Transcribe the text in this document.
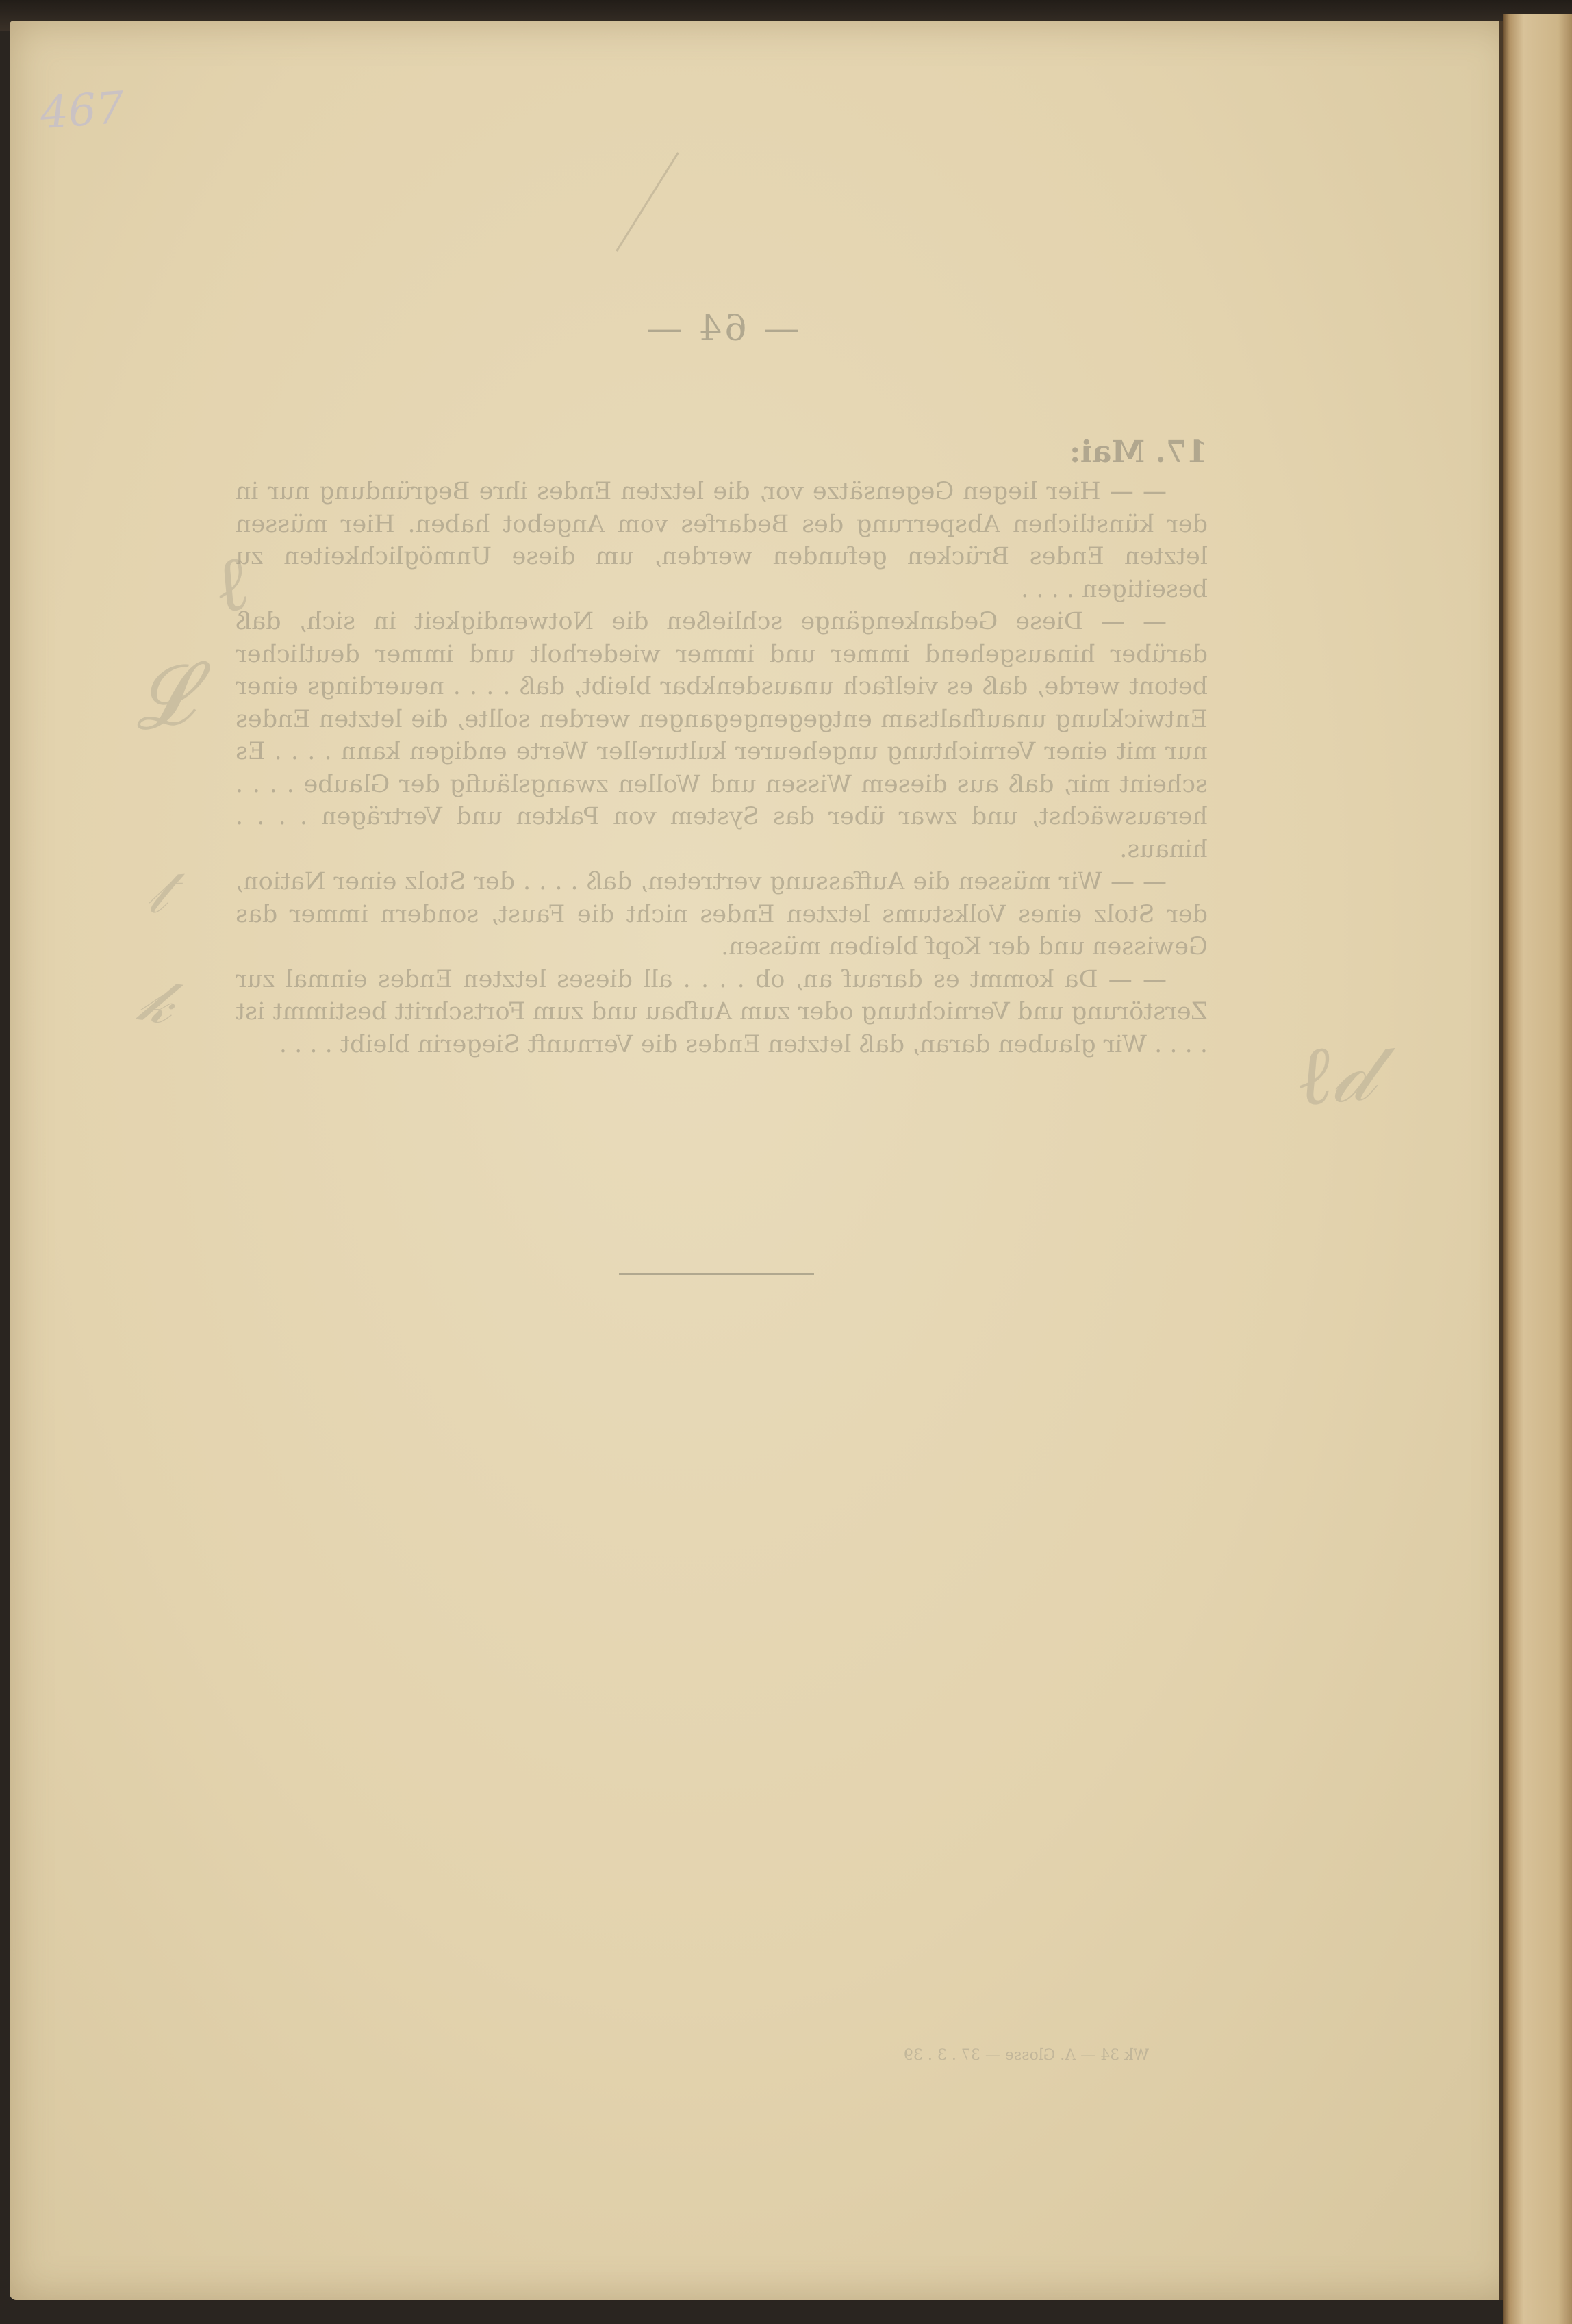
467
ℓ
𝓛
𝓉
𝓀
ℓ𝒹
— 64 —
17. Mai:

— — Hier liegen Gegensätze vor, die letzten Endes ihre Begründung nur in der künstlichen Absperrung des Bedarfes vom Angebot haben. Hier müssen letzten Endes Brücken gefunden werden, um diese Unmöglichkeiten zu beseitigen . . . .

— — Diese Gedankengänge schließen die Notwendigkeit in sich, daß darüber hinausgehend immer und immer wiederholt und immer deutlicher betont werde, daß es vielfach unausdenkbar bleibt, daß . . . . neuerdings einer Entwicklung unaufhaltsam entgegengegangen werden sollte, die letzten Endes nur mit einer Vernichtung ungeheurer kultureller Werte endigen kann . . . . Es scheint mir, daß aus diesem Wissen und Wollen zwangsläufig der Glaube . . . . herauswächst, und zwar über das System von Pakten und Verträgen . . . . hinaus.

— — Wir müssen die Auffassung vertreten, daß . . . . der Stolz einer Nation, der Stolz eines Volkstums letzten Endes nicht die Faust, sondern immer das Gewissen und der Kopf bleiben müssen.

— — Da kommt es darauf an, ob . . . . all dieses letzten Endes einmal zur Zerstörung und Vernichtung oder zum Aufbau und zum Fortschritt bestimmt ist . . . . Wir glauben daran, daß letzten Endes die Vernunft Siegerin bleibt . . . .

Wk 34 — A. Glosse — 37 . 3 . 39
